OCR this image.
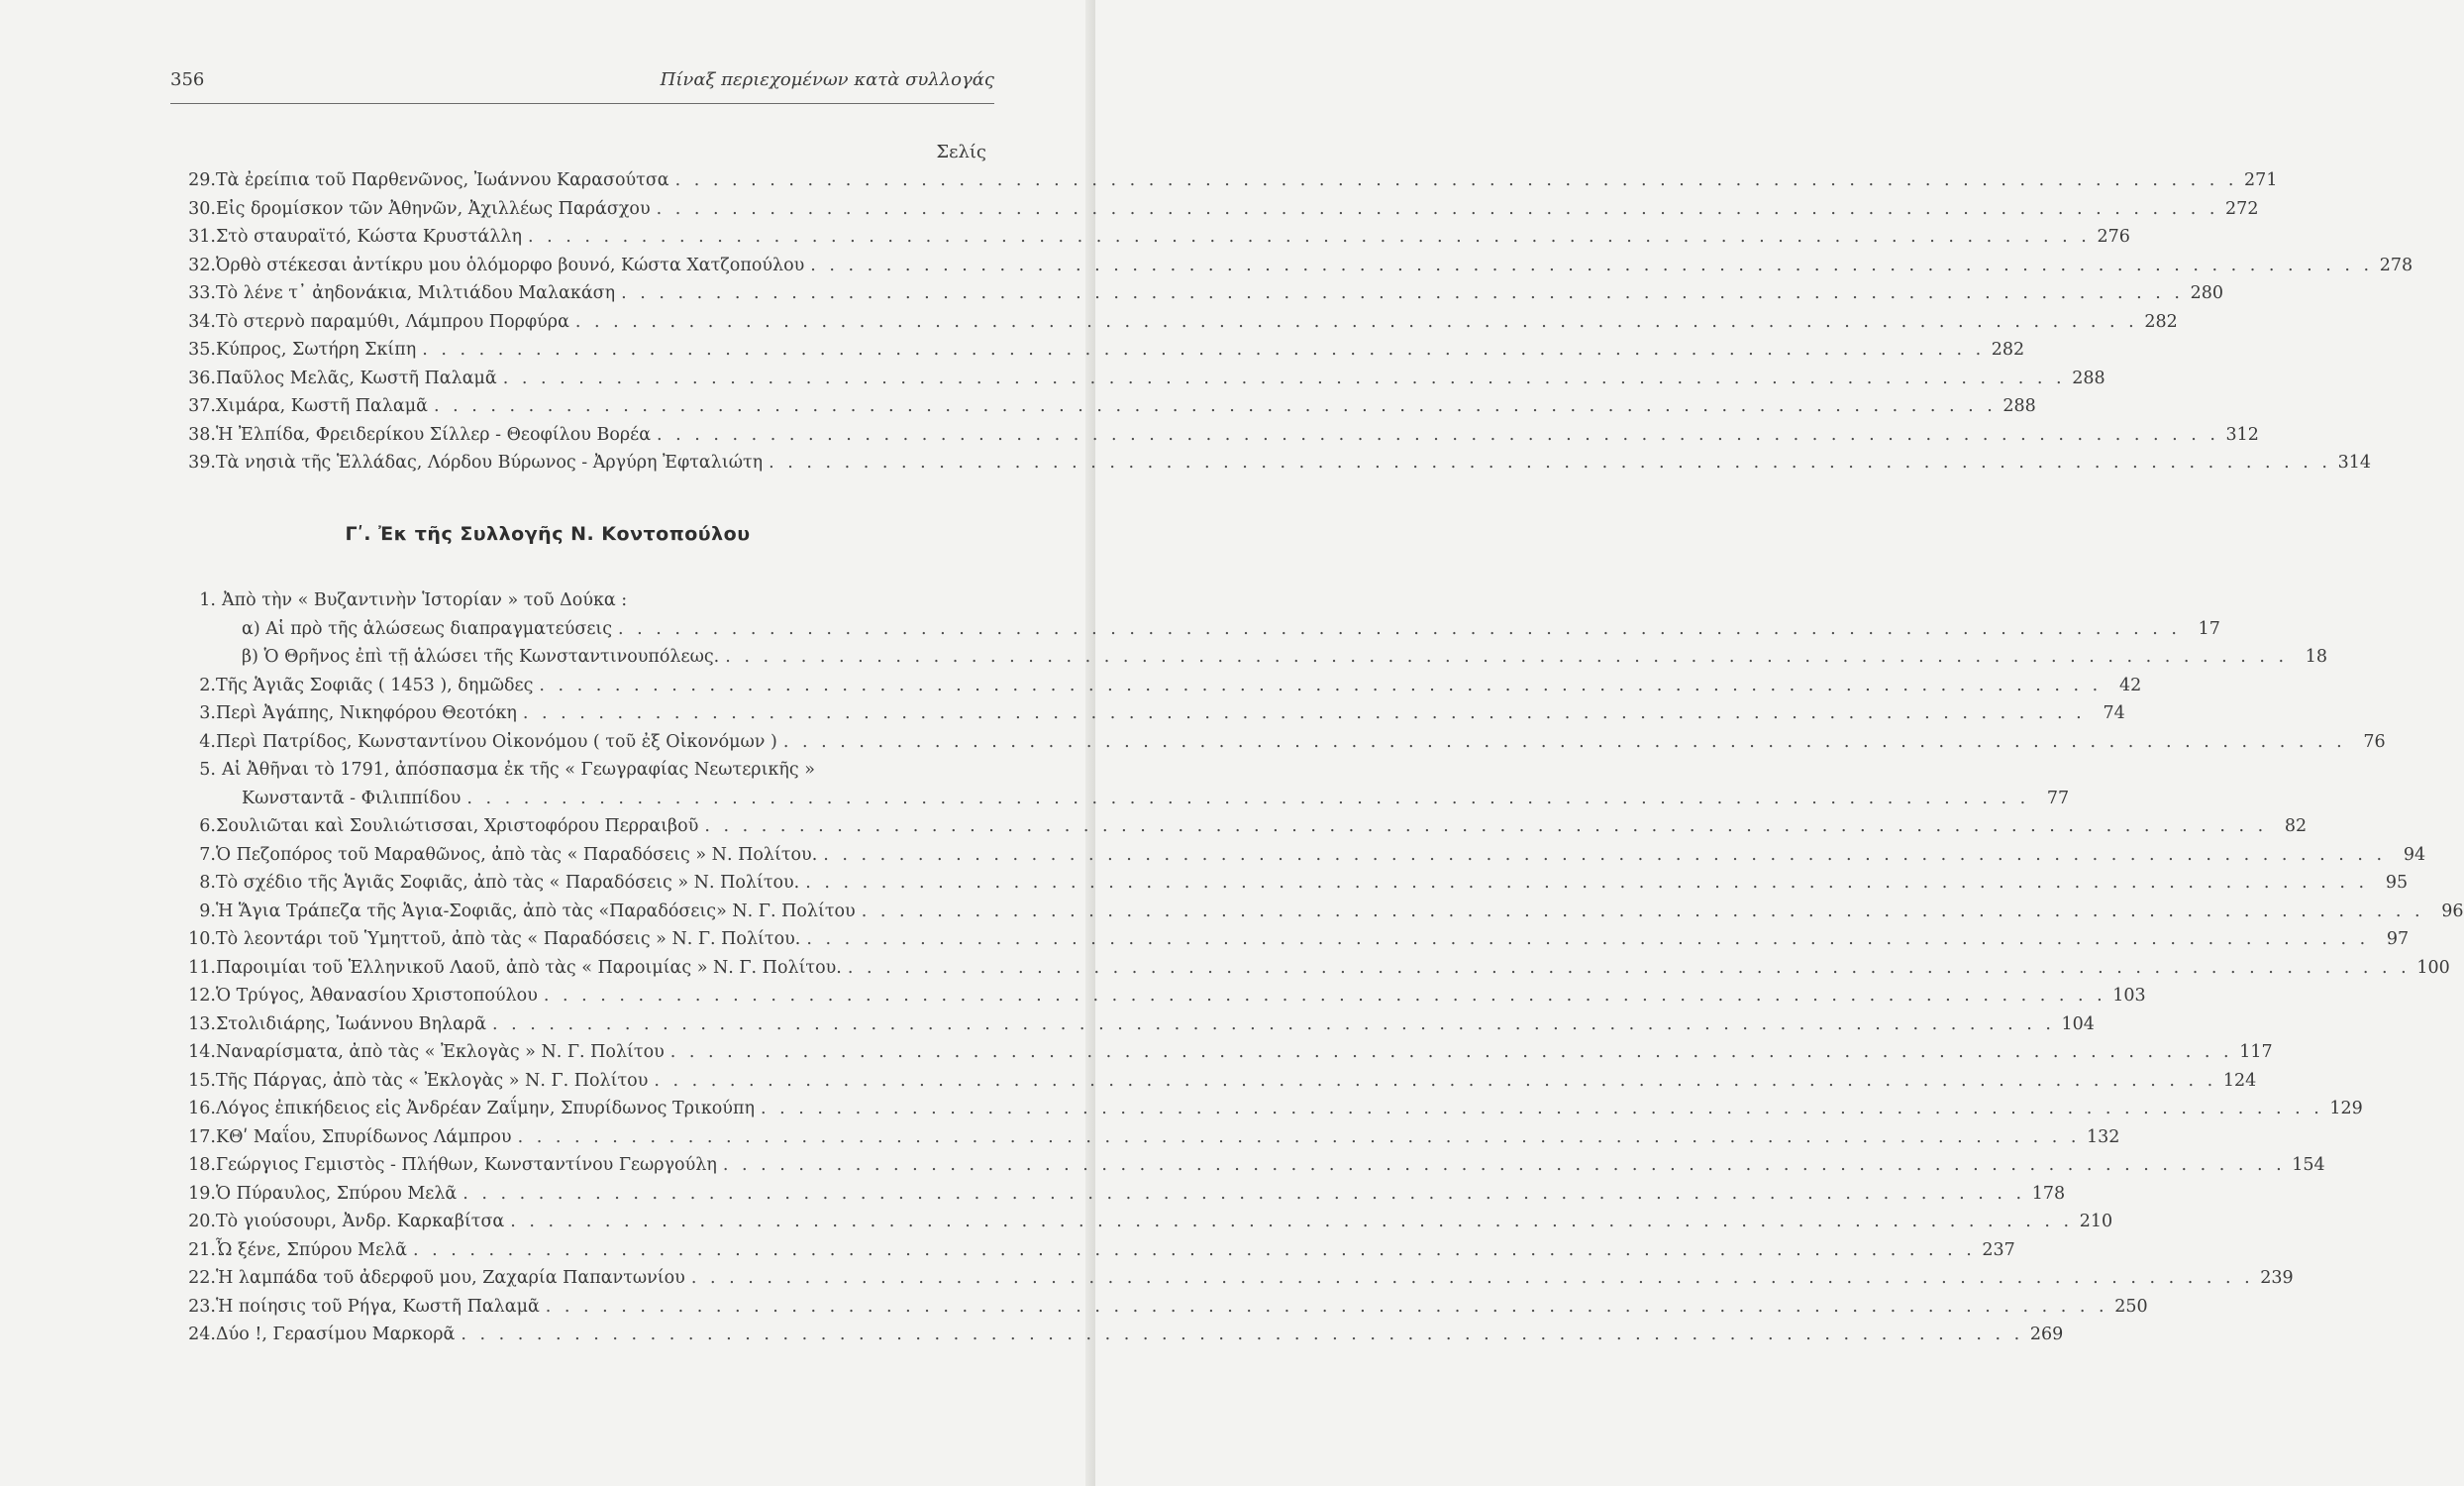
356	Πίναξ περιεχομένων κατὰ συλλογάς
Σελίς
29. Τὰ ἐρείπια τοῦ Παρθενῶνος, Ἰωάννου Καρασούτσα . . .	271
30. Εἰς δρομίσκον τῶν Ἀθηνῶν, Ἀχιλλέως Παράσχου . . .	272
31. Στὸ σταυραϊτό, Κώστα Κρυστάλλη . . .	276
32. Ὀρθὸ στέκεσαι ἀντίκρυ μου ὁλόμορφο βουνό, Κώστα Χατζοπούλου . . .	278
33. Τὸ λένε τ᾿ ἀηδονάκια, Μιλτιάδου Μαλακάση . . .	280
34. Τὸ στερνὸ παραμύθι, Λάμπρου Πορφύρα . . .	282
35. Κύπρος, Σωτήρη Σκίπη . . .	282
36. Παῦλος Μελᾶς, Κωστῆ Παλαμᾶ . . .	288
37. Χιμάρα, Κωστῆ Παλαμᾶ . . .	288
38. Ἡ Ἐλπίδα, Φρειδερίκου Σίλλερ - Θεοφίλου Βορέα . . .	312
39. Τὰ νησιὰ τῆς Ἑλλάδας, Λόρδου Βύρωνος - Ἀργύρη Ἐφταλιώτη . . .	314
Γʹ. Ἐκ τῆς Συλλογῆς Ν. Κοντοπούλου
1. Ἀπὸ τὴν « Βυζαντινὴν Ἱστορίαν » τοῦ Δούκα :
α) Αἱ πρὸ τῆς ἁλώσεως διαπραγματεύσεις . . .	17
β) Ὁ Θρῆνος ἐπὶ τῇ ἁλώσει τῆς Κωνσταντινουπόλεως. . . .	18
2. Τῆς Ἁγιᾶς Σοφιᾶς ( 1453 ), δημῶδες . . .	42
3. Περὶ Ἀγάπης, Νικηφόρου Θεοτόκη . . .	74
4. Περὶ Πατρίδος, Κωνσταντίνου Οἰκονόμου ( τοῦ ἐξ Οἰκονόμων ) . . .	76
5. Αἱ Ἀθῆναι τὸ 1791, ἀπόσπασμα ἐκ τῆς « Γεωγραφίας Νεωτερικῆς »
Κωνσταντᾶ - Φιλιππίδου . . .	77
6. Σουλιῶται καὶ Σουλιώτισσαι, Χριστοφόρου Περραιβοῦ . . .	82
7. Ὁ Πεζοπόρος τοῦ Μαραθῶνος, ἀπὸ τὰς « Παραδόσεις » Ν. Πολίτου. . . .	94
8. Τὸ σχέδιο τῆς Ἁγιᾶς Σοφιᾶς, ἀπὸ τὰς « Παραδόσεις » Ν. Πολίτου. . . .	95
9. Ἡ Ἅγια Τράπεζα τῆς Ἁγια-Σοφιᾶς, ἀπὸ τὰς «Παραδόσεις» Ν. Γ. Πολίτου . . .	96
10. Τὸ λεοντάρι τοῦ Ὑμηττοῦ, ἀπὸ τὰς « Παραδόσεις » Ν. Γ. Πολίτου. . . .	97
11. Παροιμίαι τοῦ Ἑλληνικοῦ Λαοῦ, ἀπὸ τὰς « Παροιμίας » Ν. Γ. Πολίτου. . . .	100
12. Ὁ Τρύγος, Ἀθανασίου Χριστοπούλου . . .	103
13. Στολιδιάρης, Ἰωάννου Βηλαρᾶ . . .	104
14. Ναναρίσματα, ἀπὸ τὰς « Ἐκλογὰς » Ν. Γ. Πολίτου . . .	117
15. Τῆς Πάργας, ἀπὸ τὰς « Ἐκλογὰς » Ν. Γ. Πολίτου . . .	124
16. Λόγος ἐπικήδειος εἰς Ἀνδρέαν Ζαΐμην, Σπυρίδωνος Τρικούπη . . .	129
17. ΚΘʹ Μαΐου, Σπυρίδωνος Λάμπρου . . .	132
18. Γεώργιος Γεμιστὸς - Πλήθων, Κωνσταντίνου Γεωργούλη . . .	154
19. Ὁ Πύραυλος, Σπύρου Μελᾶ . . .	178
20. Τὸ γιούσουρι, Ἀνδρ. Καρκαβίτσα . . .	210
21. Ὦ ξένε, Σπύρου Μελᾶ . . .	237
22. Ἡ λαμπάδα τοῦ ἀδερφοῦ μου, Ζαχαρία Παπαντωνίου . . .	239
23. Ἡ ποίησις τοῦ Ρήγα, Κωστῆ Παλαμᾶ . . .	250
24. Δύο !, Γερασίμου Μαρκορᾶ . . .	269
